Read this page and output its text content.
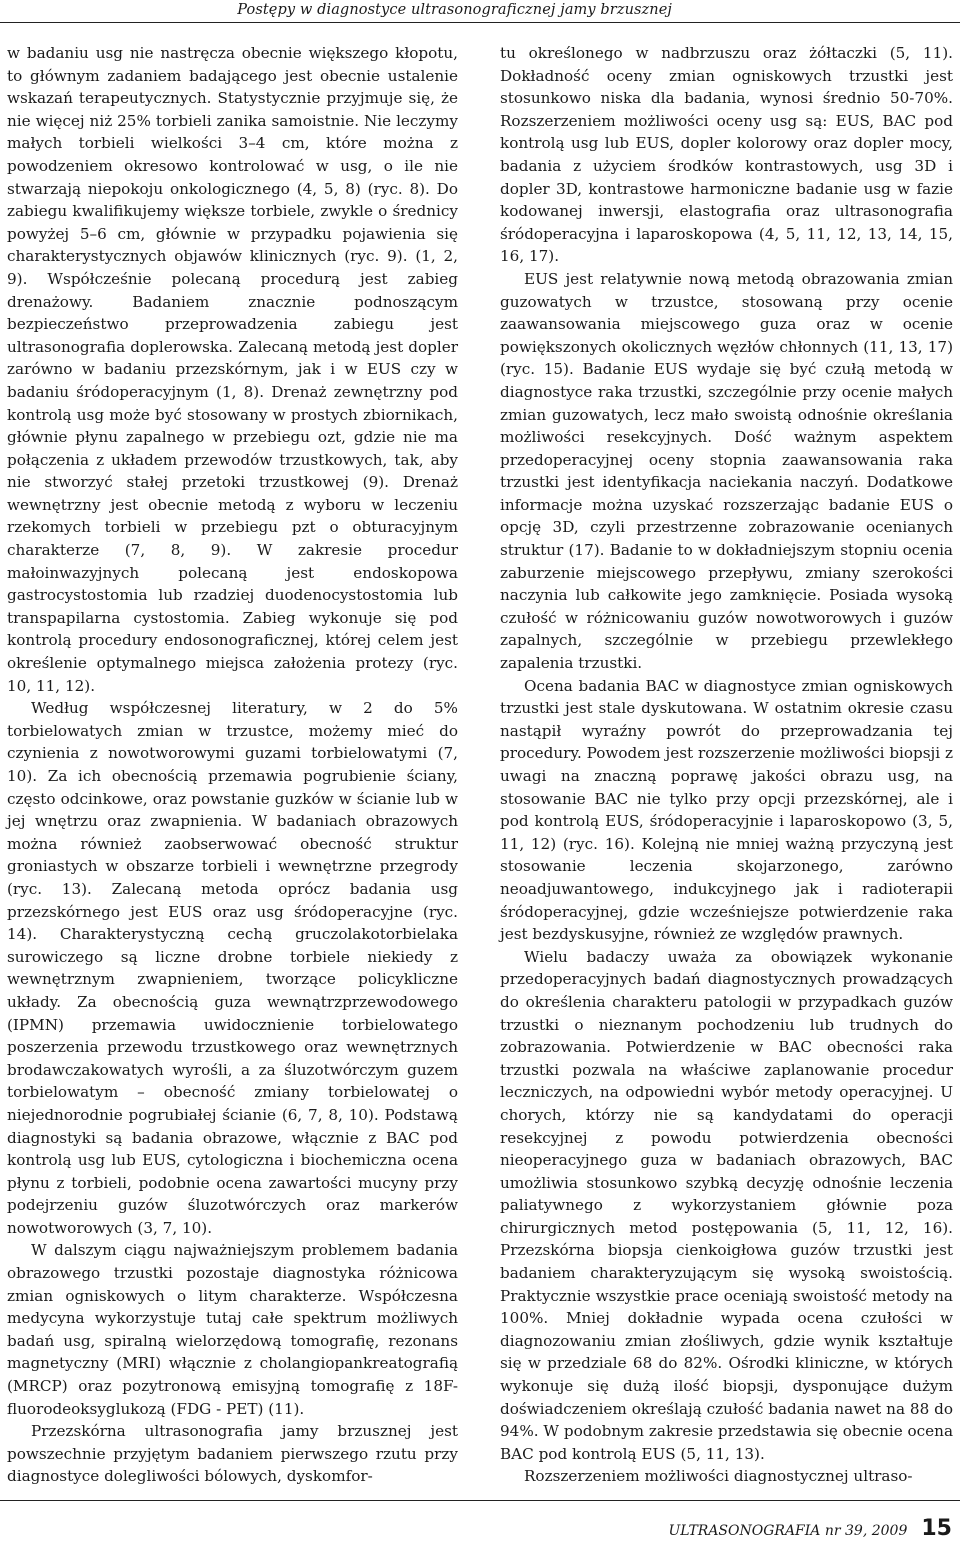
Postępy w diagnostyce ultrasonograficznej jamy brzusznej

w badaniu usg nie nastręcza obecnie większego kłopotu, to głównym zadaniem badającego jest obecnie ustalenie wskazań terapeutycznych. Statystycznie przyjmuje się, że nie więcej niż 25% torbieli zanika samoistnie. Nie leczymy małych torbieli wielkości 3–4 cm, które można z powodzeniem okresowo kontrolować w usg, o ile nie stwarzają niepokoju onkologicznego (4, 5, 8) (ryc. 8). Do zabiegu kwalifikujemy większe torbiele, zwykle o średnicy powyżej 5–6 cm, głównie w przypadku pojawienia się charakterystycznych objawów klinicznych (ryc. 9). (1, 2, 9). Współcześnie polecaną procedurą jest zabieg drenażowy. Badaniem znacznie podnoszącym bezpieczeństwo przeprowadzenia zabiegu jest ultrasonografia doplerowska. Zalecaną metodą jest dopler zarówno w badaniu przezskórnym, jak i w EUS czy w badaniu śródoperacyjnym (1, 8). Drenaż zewnętrzny pod kontrolą usg może być stosowany w prostych zbiornikach, głównie płynu zapalnego w przebiegu ozt, gdzie nie ma połączenia z układem przewodów trzustkowych, tak, aby nie stworzyć stałej przetoki trzustkowej (9). Drenaż wewnętrzny jest obecnie metodą z wyboru w leczeniu rzekomych torbieli w przebiegu pzt o obturacyjnym charakterze (7, 8, 9). W zakresie procedur małoinwazyjnych polecaną jest endoskopowa gastrocystostomia lub rzadziej duodenocystostomia lub transpapilarna cystostomia. Zabieg wykonuje się pod kontrolą procedury endosonograficznej, której celem jest określenie optymalnego miejsca założenia protezy (ryc. 10, 11, 12).

Według współczesnej literatury, w 2 do 5% torbielowatych zmian w trzustce, możemy mieć do czynienia z nowotworowymi guzami torbielowatymi (7, 10). Za ich obecnością przemawia pogrubienie ściany, często odcinkowe, oraz powstanie guzków w ścianie lub w jej wnętrzu oraz zwapnienia. W badaniach obrazowych można również zaobserwować obecność struktur groniastych w obszarze torbieli i wewnętrzne przegrody (ryc. 13). Zalecaną metoda oprócz badania usg przezskórnego jest EUS oraz usg śródoperacyjne (ryc. 14). Charakterystyczną cechą gruczolakotorbielaka surowiczego są liczne drobne torbiele niekiedy z wewnętrznym zwapnieniem, tworzące policykliczne układy. Za obecnością guza wewnątrzprzewodowego (IPMN) przemawia uwidocznienie torbielowatego poszerzenia przewodu trzustkowego oraz wewnętrznych brodawczakowatych wyrośli, a za śluzotwórczym guzem torbielowatym – obecność zmiany torbielowatej o niejednorodnie pogrubiałej ścianie (6, 7, 8, 10). Podstawą diagnostyki są badania obrazowe, włącznie z BAC pod kontrolą usg lub EUS, cytologiczna i biochemiczna ocena płynu z torbieli, podobnie ocena zawartości mucyny przy podejrzeniu guzów śluzotwórczych oraz markerów nowotworowych (3, 7, 10).

W dalszym ciągu najważniejszym problemem badania obrazowego trzustki pozostaje diagnostyka różnicowa zmian ogniskowych o litym charakterze. Współczesna medycyna wykorzystuje tutaj całe spektrum możliwych badań usg, spiralną wielorzędową tomografię, rezonans magnetyczny (MRI) włącznie z cholangiopankreatografią (MRCP) oraz pozytronową emisyjną tomografię z 18F-fluorodeoksyglukozą (FDG - PET) (11).

Przezskórna ultrasonografia jamy brzusznej jest powszechnie przyjętym badaniem pierwszego rzutu przy diagnostyce dolegliwości bólowych, dyskomfor-

tu określonego w nadbrzuszu oraz żółtaczki (5, 11). Dokładność oceny zmian ogniskowych trzustki jest stosunkowo niska dla badania, wynosi średnio 50-70%. Rozszerzeniem możliwości oceny usg są: EUS, BAC pod kontrolą usg lub EUS, dopler kolorowy oraz dopler mocy, badania z użyciem środków kontrastowych, usg 3D i dopler 3D, kontrastowe harmoniczne badanie usg w fazie kodowanej inwersji, elastografia oraz ultrasonografia śródoperacyjna i laparoskopowa (4, 5, 11, 12, 13, 14, 15, 16, 17).

EUS jest relatywnie nową metodą obrazowania zmian guzowatych w trzustce, stosowaną przy ocenie zaawansowania miejscowego guza oraz w ocenie powiększonych okolicznych węzłów chłonnych (11, 13, 17) (ryc. 15). Badanie EUS wydaje się być czułą metodą w diagnostyce raka trzustki, szczególnie przy ocenie małych zmian guzowatych, lecz mało swoistą odnośnie określania możliwości resekcyjnych. Dość ważnym aspektem przedoperacyjnej oceny stopnia zaawansowania raka trzustki jest identyfikacja naciekania naczyń. Dodatkowe informacje można uzyskać rozszerzając badanie EUS o opcję 3D, czyli przestrzenne zobrazowanie ocenianych struktur (17). Badanie to w dokładniejszym stopniu ocenia zaburzenie miejscowego przepływu, zmiany szerokości naczynia lub całkowite jego zamknięcie. Posiada wysoką czułość w różnicowaniu guzów nowotworowych i guzów zapalnych, szczególnie w przebiegu przewlekłego zapalenia trzustki.

Ocena badania BAC w diagnostyce zmian ogniskowych trzustki jest stale dyskutowana. W ostatnim okresie czasu nastąpił wyraźny powrót do przeprowadzania tej procedury. Powodem jest rozszerzenie możliwości biopsji z uwagi na znaczną poprawę jakości obrazu usg, na stosowanie BAC nie tylko przy opcji przezskórnej, ale i pod kontrolą EUS, śródoperacyjnie i laparoskopowo (3, 5, 11, 12) (ryc. 16). Kolejną nie mniej ważną przyczyną jest stosowanie leczenia skojarzonego, zarówno neoadjuwantowego, indukcyjnego jak i radioterapii śródoperacyjnej, gdzie wcześniejsze potwierdzenie raka jest bezdyskusyjne, również ze względów prawnych.

Wielu badaczy uważa za obowiązek wykonanie przedoperacyjnych badań diagnostycznych prowadzących do określenia charakteru patologii w przypadkach guzów trzustki o nieznanym pochodzeniu lub trudnych do zobrazowania. Potwierdzenie w BAC obecności raka trzustki pozwala na właściwe zaplanowanie procedur leczniczych, na odpowiedni wybór metody operacyjnej. U chorych, którzy nie są kandydatami do operacji resekcyjnej z powodu potwierdzenia obecności nieoperacyjnego guza w badaniach obrazowych, BAC umożliwia stosunkowo szybką decyzję odnośnie leczenia paliatywnego z wykorzystaniem głównie poza chirurgicznych metod postępowania (5, 11, 12, 16). Przezskórna biopsja cienkoigłowa guzów trzustki jest badaniem charakteryzującym się wysoką swoistością. Praktycznie wszystkie prace oceniają swoistość metody na 100%. Mniej dokładnie wypada ocena czułości w diagnozowaniu zmian złośliwych, gdzie wynik kształtuje się w przedziale 68 do 82%. Ośrodki kliniczne, w których wykonuje się dużą ilość biopsji, dysponujące dużym doświadczeniem określają czułość badania nawet na 88 do 94%. W podobnym zakresie przedstawia się obecnie ocena BAC pod kontrolą EUS (5, 11, 13).

Rozszerzeniem możliwości diagnostycznej ultraso-

ULTRASONOGRAFIA nr 39, 2009 15
